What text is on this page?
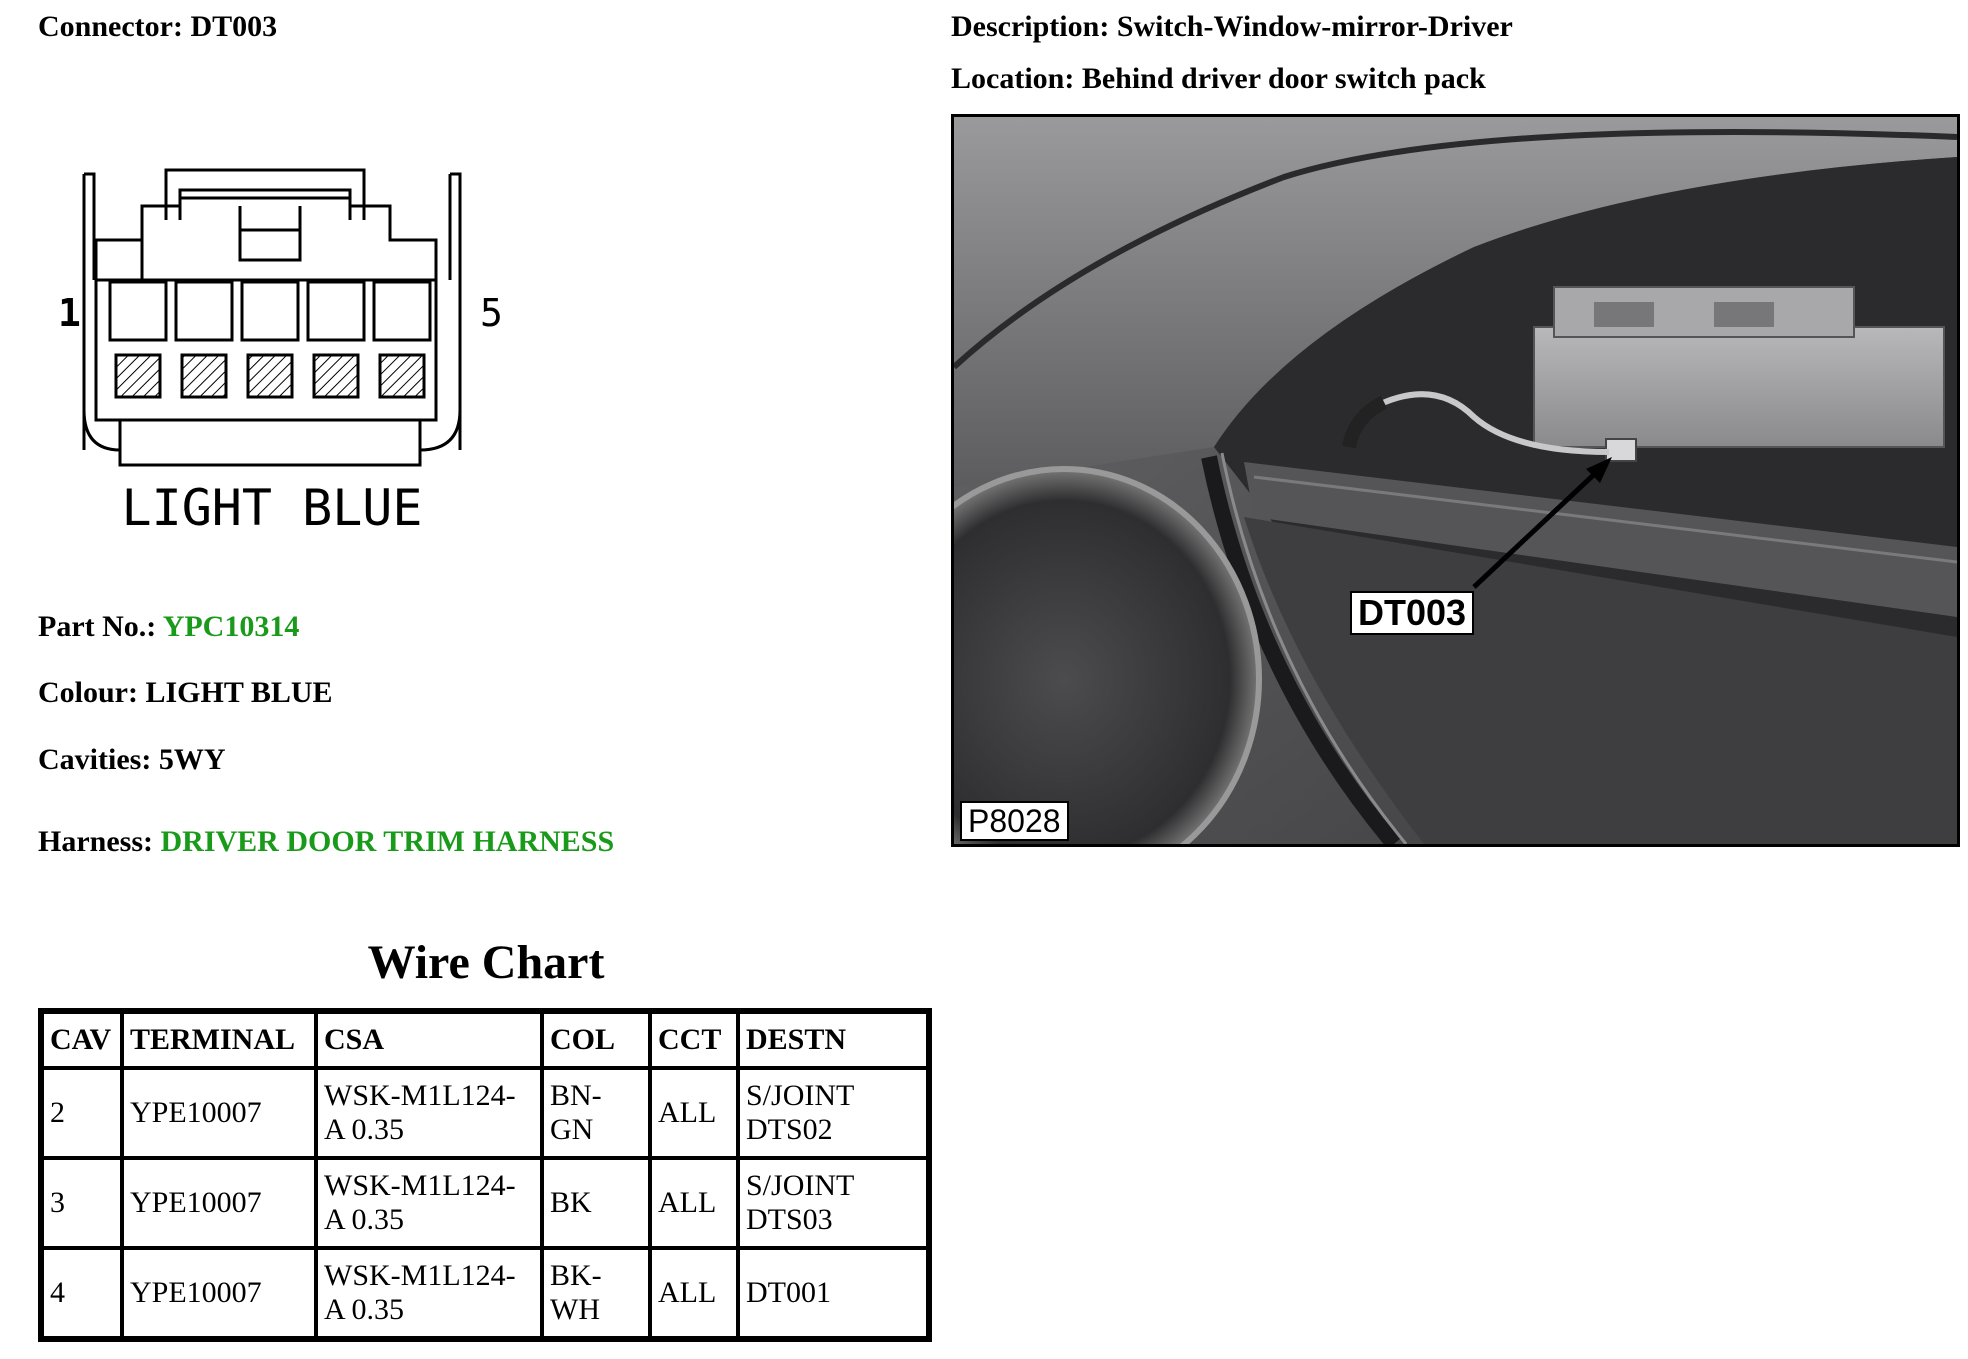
Connector: DT003	Description: Switch-Window-mirror-Driver
Location: Behind driver door switch pack
1	5
LIGHT BLUE
Part No.: YPC10314
Colour: LIGHT BLUE
Cavities: 5WY
Harness: DRIVER DOOR TRIM HARNESS
DT003
P8028
Wire Chart
CAV	TERMINAL	CSA	COL	CCT	DESTN
2	YPE10007	WSK-M1L124-A 0.35	BN-GN	ALL	S/JOINT DTS02
3	YPE10007	WSK-M1L124-A 0.35	BK	ALL	S/JOINT DTS03
4	YPE10007	WSK-M1L124-A 0.35	BK-WH	ALL	DT001
